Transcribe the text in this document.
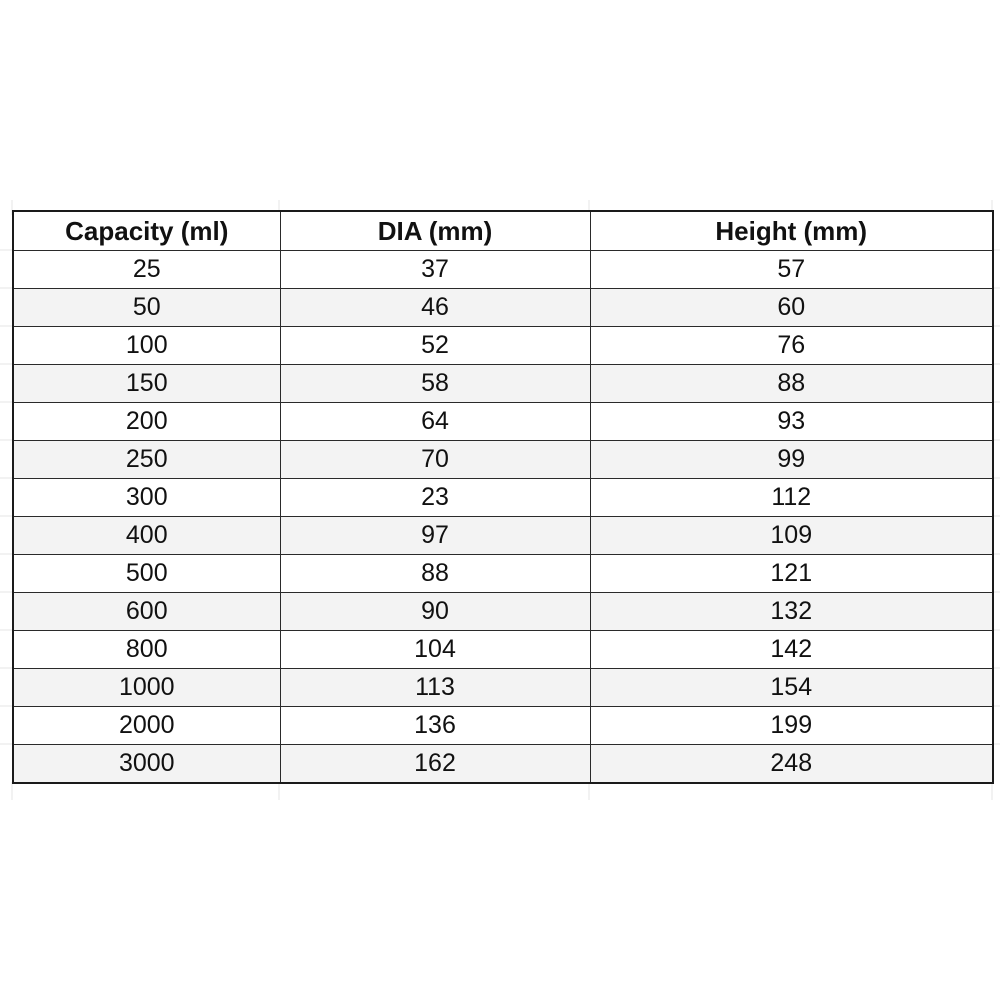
Capacity (ml)	DIA (mm)	Height (mm)
25	37	57
50	46	60
100	52	76
150	58	88
200	64	93
250	70	99
300	23	112
400	97	109
500	88	121
600	90	132
800	104	142
1000	113	154
2000	136	199
3000	162	248
